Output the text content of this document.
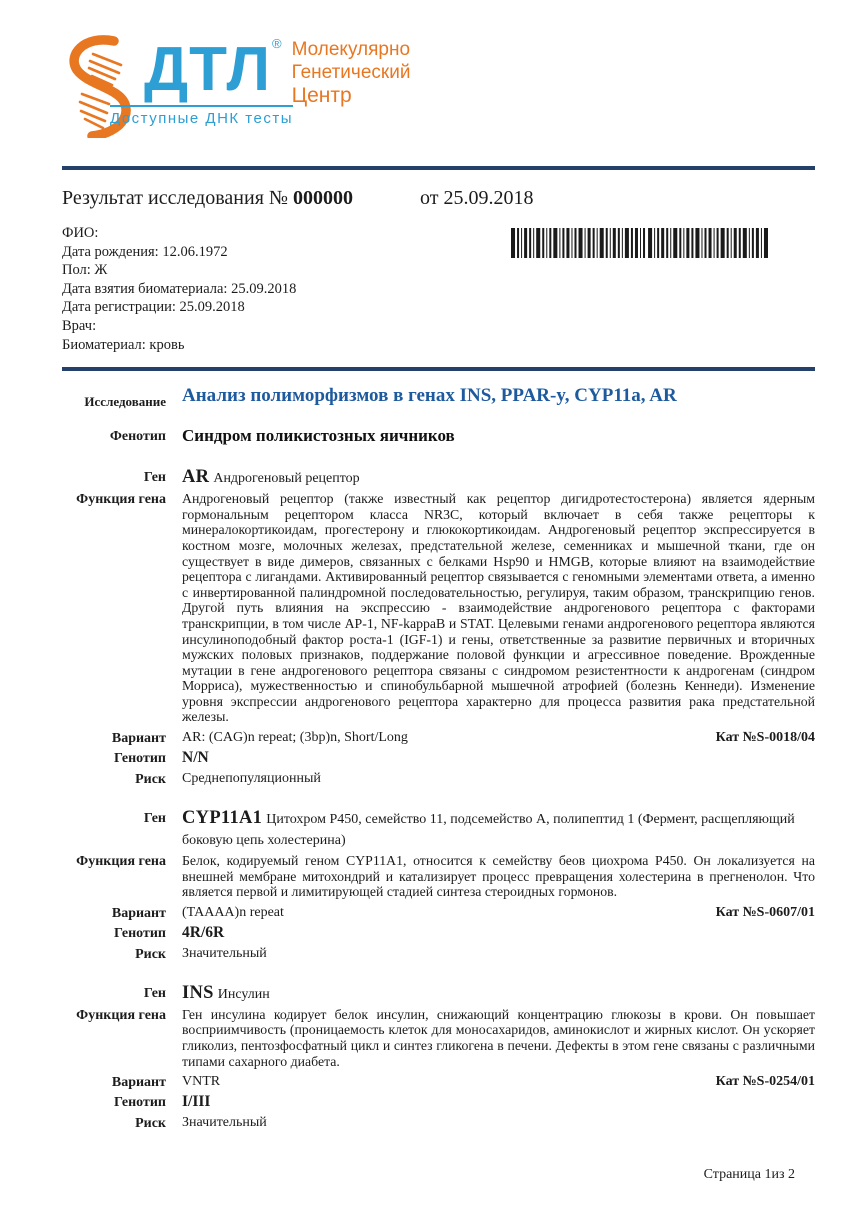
ДТЛ ® Молекулярно
Генетический
Центр
Доступные ДНК тесты
Результат исследования № 000000	от 25.09.2018
ФИО:
Дата рождения: 12.06.1972
Пол: Ж
Дата взятия биоматериала: 25.09.2018
Дата регистрации: 25.09.2018
Врач:
Биоматериал: кровь
Исследование Анализ полиморфизмов в генах INS, PPAR-y, CYP11a, AR
Фенотип Синдром поликистозных яичников
Ген AR Андрогеновый рецептор
Функция гена	Андрогеновый рецептор (также известный как рецептор дигидротестостерона) является ядерным гормональным рецептором класса NR3C, который включает в себя также рецепторы к минералокортикоидам, прогестерону и глюкокортикоидам. Андрогеновый рецептор экспрессируется в костном мозге, молочных железах, предстательной железе, семенниках и мышечной ткани, где он существует в виде димеров, связанных с белками Hsp90 и HMGB, которые влияют на взаимодействие рецептора с лигандами. Активированный рецептор связывается с геномными элементами ответа, а именно с инвертированной палиндромной последовательностью, регулируя, таким образом, транскрипцию генов. Другой путь влияния на экспрессию - взаимодействие андрогенового рецептора с факторами транскрипции, в том числе AP-1, NF-kappaB и STAT. Целевыми генами андрогенового рецептора являются инсулиноподобный фактор роста-1 (IGF-1) и гены, ответственные за развитие первичных и вторичных мужских половых признаков, поддержание половой функции и агрессивное поведение. Врожденные мутации в гене андрогенового рецептора связаны с синдромом резистентности к андрогенам (синдром Морриса), мужественностью и спинобульбарной мышечной атрофией (болезнь Кеннеди). Изменение уровня экспрессии андрогенового рецептора характерно для процесса развития рака предстательной железы.
Вариант AR: (CAG)n repeat; (3bp)n, Short/Long	Кат №S-0018/04
Генотип	N/N
Риск	Среднепопуляционный
Ген CYP11A1 Цитохром P450, семейство 11, подсемейство A, полипептид 1 (Фермент, расщепляющий боковую цепь холестерина)
Функция гена	Белок, кодируемый геном CYP11A1, относится к семейству беов циохрома P450. Он локализуется на внешней мембране митохондрий и катализирует процесс превращения холестерина в прегненолон. Что является первой и лимитирующей стадией синтеза стероидных гормонов.
Вариант (TAAAA)n repeat	Кат №S-0607/01
Генотип	4R/6R
Риск	Значительный
Ген INS Инсулин
Функция гена	Ген инсулина кодирует белок инсулин, снижающий концентрацию глюкозы в крови. Он повышает восприимчивость (проницаемость клеток для моносахаридов, аминокислот и жирных кислот. Он ускоряет гликолиз, пентозфосфатный цикл и синтез гликогена в печени. Дефекты в этом гене связаны с различными типами сахарного диабета.
Вариант VNTR	Кат №S-0254/01
Генотип	I/III
Риск	Значительный
Страница 1из 2
